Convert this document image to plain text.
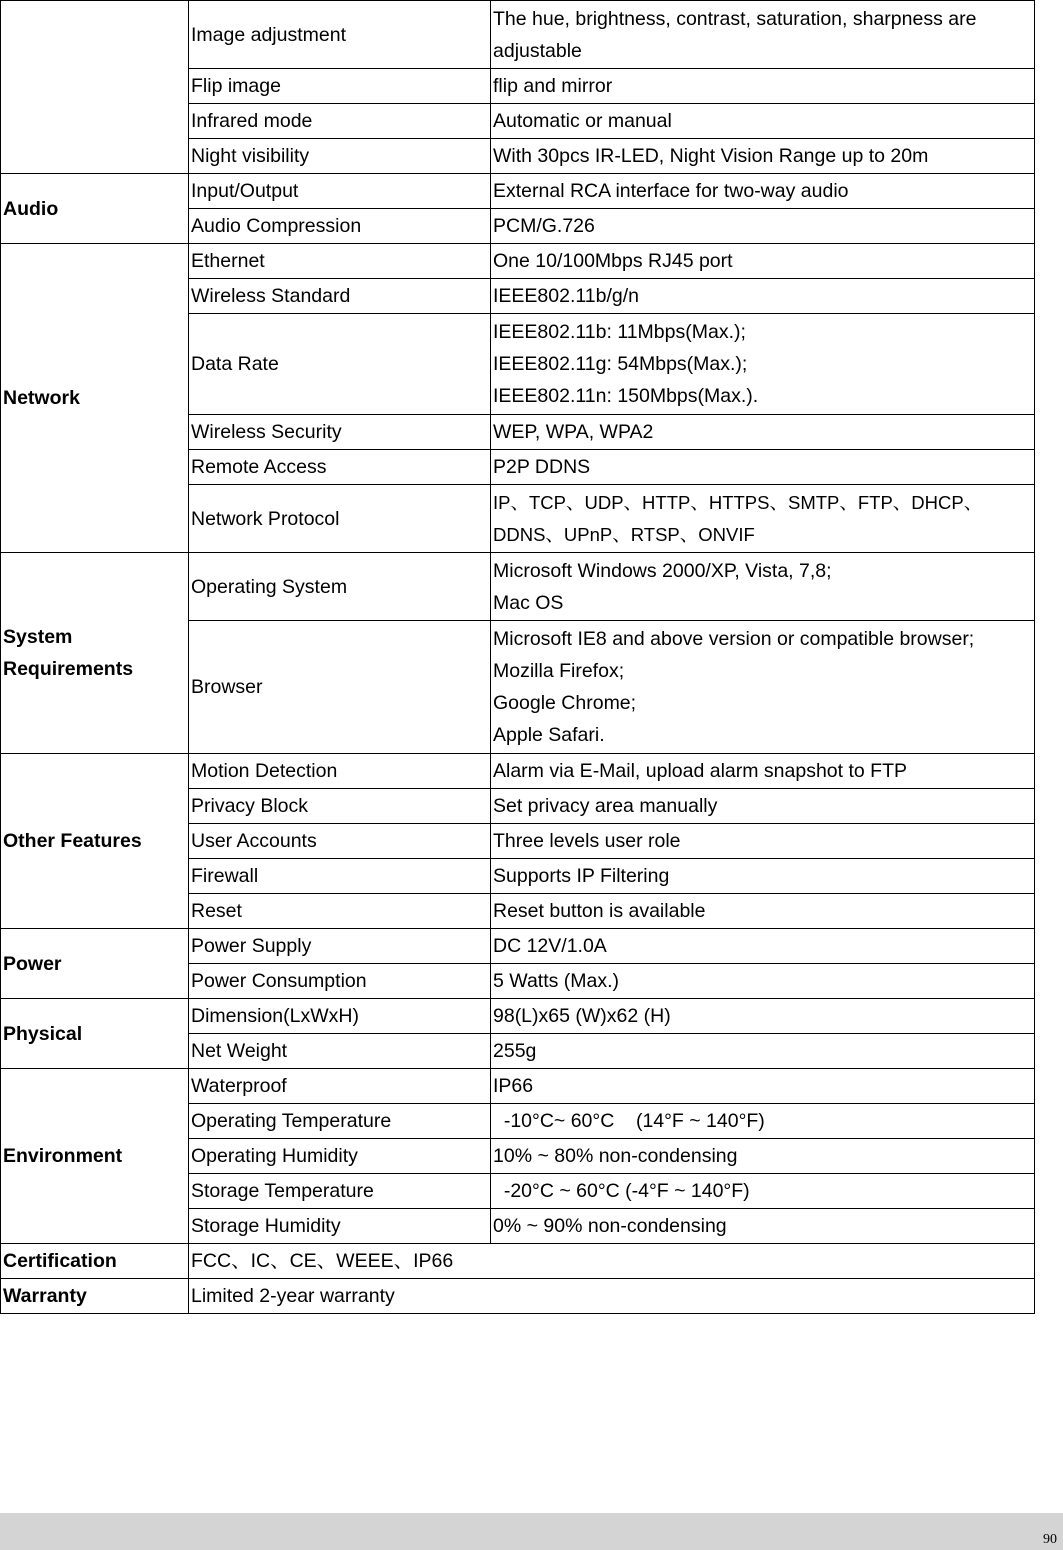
	Image adjustment	The hue, brightness, contrast, saturation, sharpness are
adjustable

	Flip image	flip and mirror
	Infrared mode	Automatic or manual
	Night visibility	With 30pcs IR-LED, Night Vision Range up to 20m
Audio	Input/Output	External RCA interface for two-way audio
	Audio Compression	PCM/G.726
Network	Ethernet	One 10/100Mbps RJ45 port
	Wireless Standard	IEEE802.11b/g/n
	Data Rate	IEEE802.11b: 11Mbps(Max.);
IEEE802.11g: 54Mbps(Max.);
IEEE802.11n: 150Mbps(Max.).

	Wireless Security	WEP, WPA, WPA2
	Remote Access	P2P DDNS
	Network Protocol	IP、TCP、UDP、HTTP、HTTPS、SMTP、FTP、DHCP、
DDNS、UPnP、RTSP、ONVIF

System
Requirements	Operating System	Microsoft Windows 2000/XP, Vista, 7,8;
Mac OS

	Browser	Microsoft IE8 and above version or compatible browser;
Mozilla Firefox;
Google Chrome;
Apple Safari.

Other Features	Motion Detection	Alarm via E-Mail, upload alarm snapshot to FTP
	Privacy Block	Set privacy area manually
	User Accounts	Three levels user role
	Firewall	Supports IP Filtering
	Reset	Reset button is available
Power	Power Supply	DC 12V/1.0A
	Power Consumption	5 Watts (Max.)
Physical	Dimension(LxWxH)	98(L)x65 (W)x62 (H)
	Net Weight	255g
Environment	Waterproof	IP66
	Operating Temperature	-10°C~ 60°C    (14°F ~ 140°F)
	Operating Humidity	10% ~ 80% non-condensing
	Storage Temperature	-20°C ~ 60°C (-4°F ~ 140°F)
	Storage Humidity	0% ~ 90% non-condensing
Certification	FCC、IC、CE、WEEE、IP66	
Warranty	Limited 2-year warranty	
90
